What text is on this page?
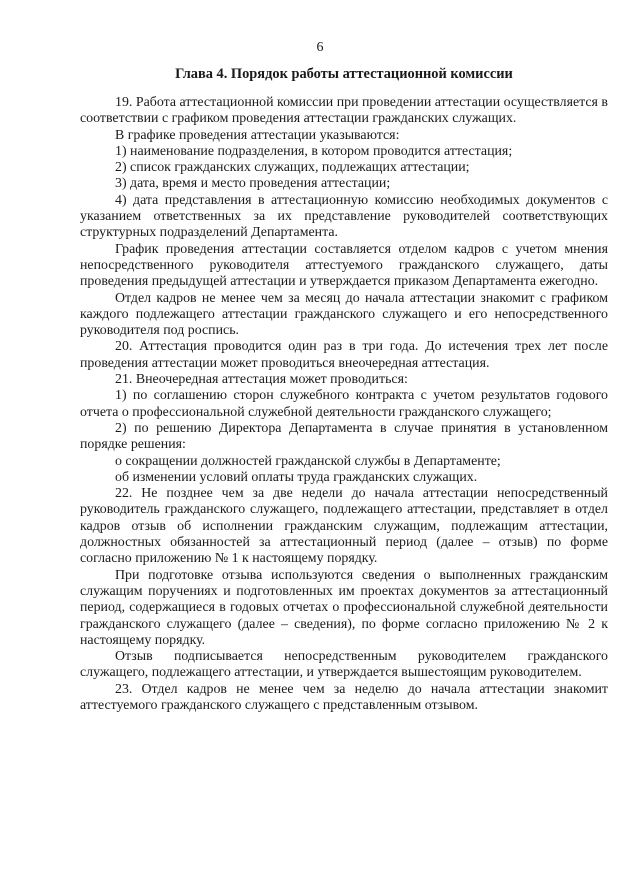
6
Глава 4. Порядок работы аттестационной комиссии

19. Работа аттестационной комиссии при проведении аттестации осуществляется в соответствии с графиком проведения аттестации гражданских служащих.

В графике проведения аттестации указываются:

1) наименование подразделения, в котором проводится аттестация;

2) список гражданских служащих, подлежащих аттестации;

3) дата, время и место проведения аттестации;

4) дата представления в аттестационную комиссию необходимых документов с указанием ответственных за их представление руководителей соответствующих структурных подразделений Департамента.

График проведения аттестации составляется отделом кадров с учетом мнения непосредственного руководителя аттестуемого гражданского служащего, даты проведения предыдущей аттестации и утверждается приказом Департамента ежегодно.

Отдел кадров не менее чем за месяц до начала аттестации знакомит с графиком каждого подлежащего аттестации гражданского служащего и его непосредственного руководителя под роспись.

20. Аттестация проводится один раз в три года. До истечения трех лет после проведения аттестации может проводиться внеочередная аттестация.

21. Внеочередная аттестация может проводиться:

1) по соглашению сторон служебного контракта с учетом результатов годового отчета о профессиональной служебной деятельности гражданского служащего;

2) по решению Директора Департамента в случае принятия в установленном порядке решения:

о сокращении должностей гражданской службы в Департаменте;

об изменении условий оплаты труда гражданских служащих.

22. Не позднее чем за две недели до начала аттестации непосредственный руководитель гражданского служащего, подлежащего аттестации, представляет в отдел кадров отзыв об исполнении гражданским служащим, подлежащим аттестации, должностных обязанностей за аттестационный период (далее – отзыв) по форме согласно приложению № 1 к настоящему порядку.

При подготовке отзыва используются сведения о выполненных гражданским служащим поручениях и подготовленных им проектах документов за аттестационный период, содержащиеся в годовых отчетах о профессиональной служебной деятельности гражданского служащего (далее – сведения), по форме согласно приложению № 2 к настоящему порядку.

Отзыв подписывается непосредственным руководителем гражданского служащего, подлежащего аттестации, и утверждается вышестоящим руководителем.

23. Отдел кадров не менее чем за неделю до начала аттестации знакомит аттестуемого гражданского служащего с представленным отзывом.
